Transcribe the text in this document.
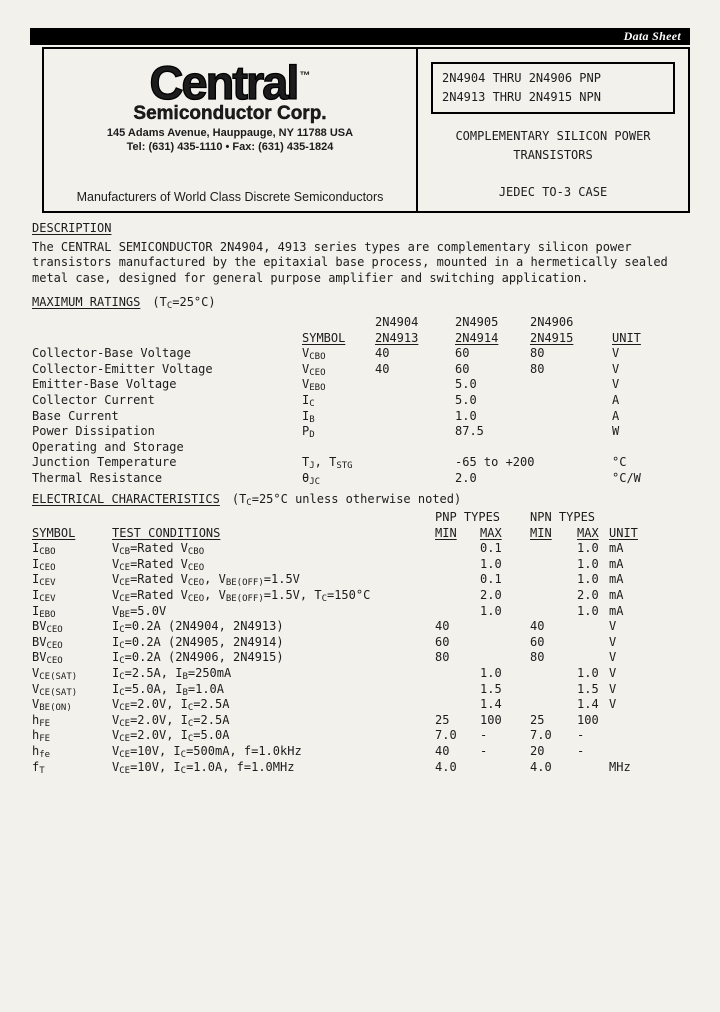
Data Sheet
Central ™
Semiconductor Corp.
145 Adams Avenue, Hauppauge, NY 11788 USA
Tel: (631) 435-1110 • Fax: (631) 435-1824
Manufacturers of World Class Discrete Semiconductors
2N4904 THRU 2N4906 PNP
2N4913 THRU 2N4915 NPN
COMPLEMENTARY SILICON POWER TRANSISTORS
JEDEC TO-3 CASE
DESCRIPTION

The CENTRAL SEMICONDUCTOR 2N4904, 4913 series types are complementary silicon power transistors manufactured by the epitaxial base process, mounted in a hermetically sealed metal case, designed for general purpose amplifier and switching application.

MAXIMUM RATINGS $(T_C=25^\circ C)$
		2N4904	2N4905	2N4906	
	SYMBOL	2N4913	2N4914	2N4915	UNIT
Collector-Base Voltage	$V_{CBO}$	40	60	80	V
Collector-Emitter Voltage	$V_{CEO}$	40	60	80	V
Emitter-Base Voltage	$V_{EBO}$		5.0		V
Collector Current	$I_C$		5.0		A
Base Current	$I_B$		1.0		A
Power Dissipation	$P_D$		87.5		W
Operating and Storage					
Junction Temperature	$T_J$, $T_{STG}$		-65 to +200		°C
Thermal Resistance	$\theta_{JC}$		2.0		°C/W
ELECTRICAL CHARACTERISTICS ($T_C=25^\circ C$ unless otherwise noted)
		PNP TYPES		NPN TYPES		
SYMBOL	TEST CONDITIONS	MIN	MAX	MIN	MAX	UNIT
$I_{CBO}$	$V_{CB}=Rated$ $V_{CBO}$		0.1		1.0	mA
$I_{CEO}$	$V_{CE}=Rated$ $V_{CEO}$		1.0		1.0	mA
$I_{CEV}$	$V_{CE}=Rated$ $V_{CEO}$, $V_{BE(OFF)}=1.5V$		0.1		1.0	mA
$I_{CEV}$	$V_{CE}=Rated$ $V_{CEO}$, $V_{BE(OFF)}=1.5V$, $T_C=150^\circ C$		2.0		2.0	mA
$I_{EBO}$	$V_{BE}=5.0V$		1.0		1.0	mA
$BV_{CEO}$	$I_C=0.2A$ (2N4904, 2N4913)	40		40		V
$BV_{CEO}$	$I_C=0.2A$ (2N4905, 2N4914)	60		60		V
$BV_{CEO}$	$I_C=0.2A$ (2N4906, 2N4915)	80		80		V
$V_{CE(SAT)}$	$I_C=2.5A$, $I_B=250mA$		1.0		1.0	V
$V_{CE(SAT)}$	$I_C=5.0A$, $I_B=1.0A$		1.5		1.5	V
$V_{BE(ON)}$	$V_{CE}=2.0V$, $I_C=2.5A$		1.4		1.4	V
$h_{FE}$	$V_{CE}=2.0V$, $I_C=2.5A$	25	100	25	100	
$h_{FE}$	$V_{CE}=2.0V$, $I_C=5.0A$	7.0	-	7.0	-	
$h_{fe}$	$V_{CE}=10V$, $I_C=500mA$, f=1.0kHz	40	-	20	-	
$f_T$	$V_{CE}=10V$, $I_C=1.0A$, f=1.0MHz	4.0		4.0		MHz
